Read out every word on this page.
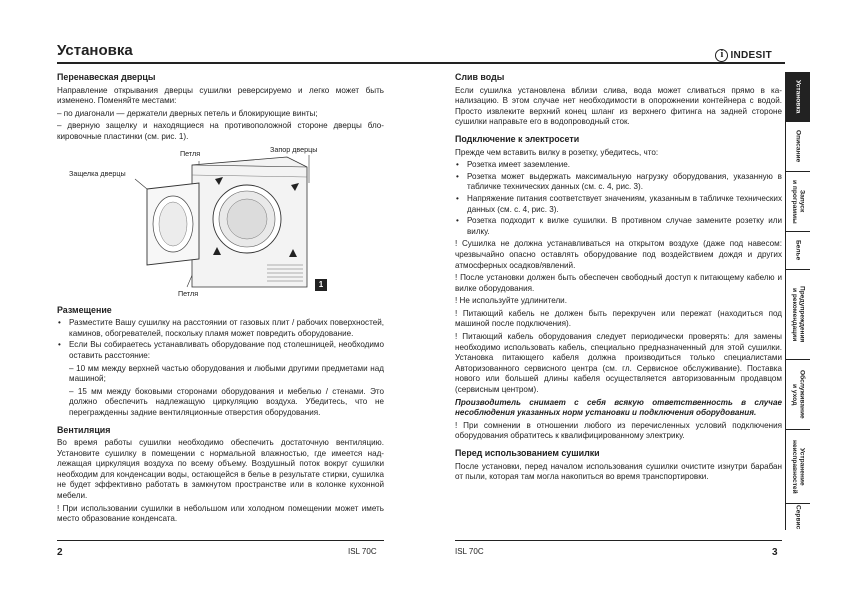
Установка	i INDESIT
Перенавеская дверцы

Направление открывания дверцы сушилки реверсируемо и легко может быть изменено. Поменяйте местами:

– по диагонали — держатели дверных петель и блокирующие винты;

– дверную защелку и находящиеся на противоположной стороне дверцы блокировочные пластинки (см. рис. 1).

Петля	Запор дверцы
Защелка дверцы
Петля
1
Размещение
• Разместите Вашу сушилку на расстоянии от газовых плит / рабочих поверхностей, каминов, обогревателей, поскольку пламя может повредить оборудование.
• Если Вы собираетесь устанавливать оборудование под столешницей, необходимо оставить расстояние:

– 10 мм между верхней частью оборудования и любыми другими предметами над машиной;

– 15 мм между боковыми сторонами оборудования и мебелью / стенами. Это должно обеспечить надлежащую циркуляцию воздуха. Убедитесь, что не перегражденны задние вентиляционные отверстия оборудования.

Вентиляция

Во время работы сушилки необходимо обеспечить достаточную вентиляцию. Установите сушилку в помещении с нормальной влажностью, где имеется надлежащая циркуляция воздуха по всему объему. Воздушный поток вокруг сушилки необходим для конденсации воды, остающейся в белье в результате стирки, сушилка не будет эффективно работать в замкнутом пространстве или в колонке кухонной мебели.

! При использовании сушилки в небольшом или холодном помещении может иметь место образование конденсата.

Слив воды

Если сушилка установлена вблизи слива, вода может сливаться прямо в канализацию. В этом случае нет необходимости в опорожнении контейнера с водой. Просто извлеките верхний конец шланг из верхнего фитинга на задней стороне сушилки направьте его в водопроводный сток.

Подключение к электросети

Прежде чем вставить вилку в розетку, убедитесь, что:

• Розетка имеет заземление.
• Розетка может выдержать максимальную нагрузку оборудования, указанную в табличке технических данных (см. с. 4, рис. 3).
• Напряжение питания соответствует значениям, указанным в табличке технических данных (см. с. 4, рис. 3).
• Розетка подходит к вилке сушилки. В противном случае замените розетку или вилку.

! Сушилка не должна устанавливаться на открытом воздухе (даже под навесом: чрезвычайно опасно оставлять оборудование под воздействием дождя и других атмосферных осадков/явлений.

! После установки должен быть обеспечен свободный доступ к питающему кабелю и вилке оборудования.

! Не используйте удлинители.

! Питающий кабель не должен быть перекручен или пережат (находиться под машиной после подключения).

! Питающий кабель оборудования следует периодически проверять: для замены необходимо использовать кабель, специально предназначенный для этой сушилки. Установка питающего кабеля должна производиться только специалистами Авторизованного сервисного центра (см. гл. Сервисное обслуживание). Поставка нового или большей длины кабеля осуществляется авторизованным продавцом (сервисным центром).

Производитель снимает с себя всякую ответственность в случае несоблюдения указанных норм установки и подключения оборудования.

! При сомнении в отношении любого из перечисленных условий подключения оборудования обратитесь к квалифицированному электрику.

Перед использованием сушилки

После установки, перед началом использования сушилки очистите изнутри барабан от пыли, которая там могла накопиться во время транспортировки.

Установка
Описание
Запуск
и программы
Белье
Предупреждения
и рекомендации
Обслуживание
и уход
Устранение
неисправностей
Сервис
2	ISL 70C	ISL 70C	3
